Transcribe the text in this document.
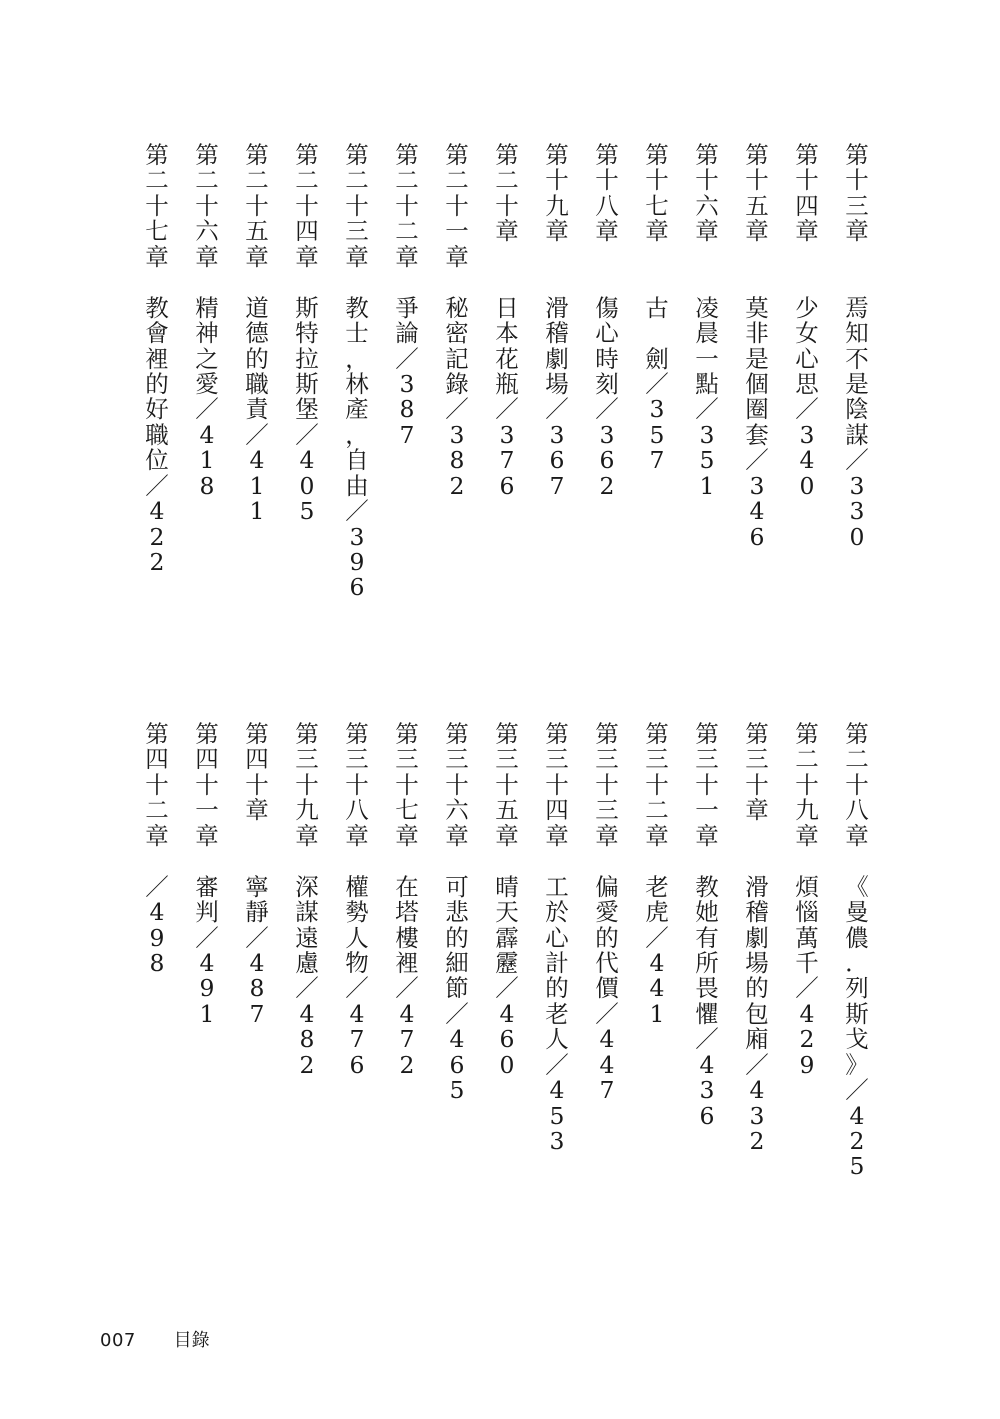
第
十
三
章
焉
知
不
是
陰
謀
／
3
3
0
第
十
四
章
少
女
心
思
／
3
4
0
第
十
五
章
莫
非
是
個
圈
套
／
3
4
6
第
十
六
章
凌
晨
一
點
／
3
5
1
第
十
七
章
古

劍
／
3
5
7
第
十
八
章
傷
心
時
刻
／
3
6
2
第
十
九
章
滑
稽
劇
場
／
3
6
7
第
二
十
章
日
本
花
瓶
／
3
7
6
第
二
十
一
章
秘
密
記
錄
／
3
8
2
第
二
十
二
章
爭
論
／
3
8
7
第
二
十
三
章
教
士
，
林
產
，
自
由
／
3
9
6
第
二
十
四
章
斯
特
拉
斯
堡
／
4
0
5
第
二
十
五
章
道
德
的
職
責
／
4
1
1
第
二
十
六
章
精
神
之
愛
／
4
1
8
第
二
十
七
章
教
會
裡
的
好
職
位
／
4
2
2
第
二
十
八
章
《
曼
儂
．
列
斯
戈
》
／
4
2
5
第
二
十
九
章
煩
惱
萬
千
／
4
2
9
第
三
十
章
滑
稽
劇
場
的
包
廂
／
4
3
2
第
三
十
一
章
教
她
有
所
畏
懼
／
4
3
6
第
三
十
二
章
老
虎
／
4
4
1
第
三
十
三
章
偏
愛
的
代
價
／
4
4
7
第
三
十
四
章
工
於
心
計
的
老
人
／
4
5
3
第
三
十
五
章
晴
天
霹
靂
／
4
6
0
第
三
十
六
章
可
悲
的
細
節
／
4
6
5
第
三
十
七
章
在
塔
樓
裡
／
4
7
2
第
三
十
八
章
權
勢
人
物
／
4
7
6
第
三
十
九
章
深
謀
遠
慮
／
4
8
2
第
四
十
章
寧
靜
／
4
8
7
第
四
十
一
章
審
判
／
4
9
1
第
四
十
二
章
／
4
9
8
007 目錄
